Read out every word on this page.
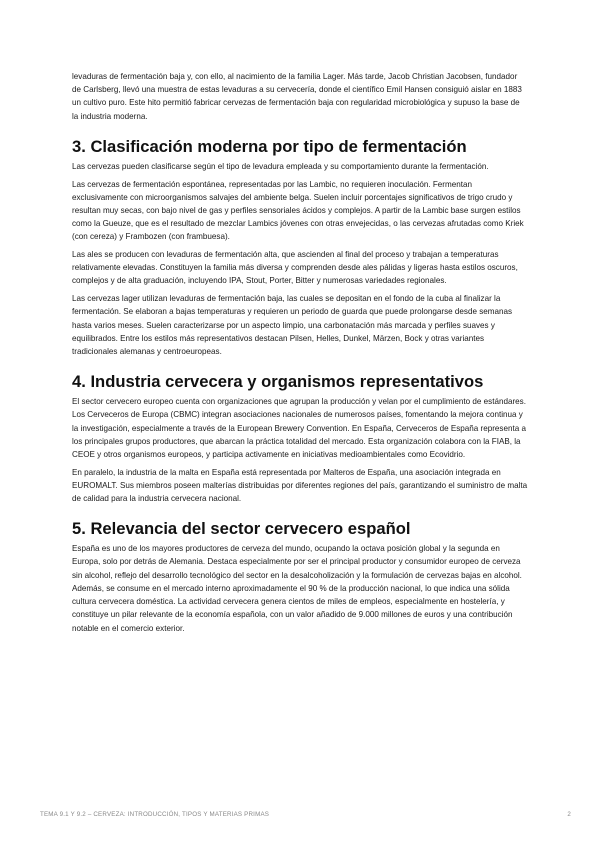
levaduras de fermentación baja y, con ello, al nacimiento de la familia Lager. Más tarde, Jacob Christian Jacobsen, fundador de Carlsberg, llevó una muestra de estas levaduras a su cervecería, donde el científico Emil Hansen consiguió aislar en 1883 un cultivo puro. Este hito permitió fabricar cervezas de fermentación baja con regularidad microbiológica y supuso la base de la industria moderna.

3. Clasificación moderna por tipo de fermentación

Las cervezas pueden clasificarse según el tipo de levadura empleada y su comportamiento durante la fermentación.

Las cervezas de fermentación espontánea, representadas por las Lambic, no requieren inoculación. Fermentan exclusivamente con microorganismos salvajes del ambiente belga. Suelen incluir porcentajes significativos de trigo crudo y resultan muy secas, con bajo nivel de gas y perfiles sensoriales ácidos y complejos. A partir de la Lambic base surgen estilos como la Gueuze, que es el resultado de mezclar Lambics jóvenes con otras envejecidas, o las cervezas afrutadas como Kriek (con cereza) y Frambozen (con frambuesa).

Las ales se producen con levaduras de fermentación alta, que ascienden al final del proceso y trabajan a temperaturas relativamente elevadas. Constituyen la familia más diversa y comprenden desde ales pálidas y ligeras hasta estilos oscuros, complejos y de alta graduación, incluyendo IPA, Stout, Porter, Bitter y numerosas variedades regionales.

Las cervezas lager utilizan levaduras de fermentación baja, las cuales se depositan en el fondo de la cuba al finalizar la fermentación. Se elaboran a bajas temperaturas y requieren un periodo de guarda que puede prolongarse desde semanas hasta varios meses. Suelen caracterizarse por un aspecto limpio, una carbonatación más marcada y perfiles suaves y equilibrados. Entre los estilos más representativos destacan Pilsen, Helles, Dunkel, Märzen, Bock y otras variantes tradicionales alemanas y centroeuropeas.

4. Industria cervecera y organismos representativos

El sector cervecero europeo cuenta con organizaciones que agrupan la producción y velan por el cumplimiento de estándares. Los Cerveceros de Europa (CBMC) integran asociaciones nacionales de numerosos países, fomentando la mejora continua y la investigación, especialmente a través de la European Brewery Convention. En España, Cerveceros de España representa a los principales grupos productores, que abarcan la práctica totalidad del mercado. Esta organización colabora con la FIAB, la CEOE y otros organismos europeos, y participa activamente en iniciativas medioambientales como Ecovidrio.

En paralelo, la industria de la malta en España está representada por Malteros de España, una asociación integrada en EUROMALT. Sus miembros poseen malterías distribuidas por diferentes regiones del país, garantizando el suministro de malta de calidad para la industria cervecera nacional.

5. Relevancia del sector cervecero español

España es uno de los mayores productores de cerveza del mundo, ocupando la octava posición global y la segunda en Europa, solo por detrás de Alemania. Destaca especialmente por ser el principal productor y consumidor europeo de cerveza sin alcohol, reflejo del desarrollo tecnológico del sector en la desalcoholización y la formulación de cervezas bajas en alcohol. Además, se consume en el mercado interno aproximadamente el 90 % de la producción nacional, lo que indica una sólida cultura cervecera doméstica. La actividad cervecera genera cientos de miles de empleos, especialmente en hostelería, y constituye un pilar relevante de la economía española, con un valor añadido de 9.000 millones de euros y una contribución notable en el comercio exterior.

TEMA 9.1 Y 9.2 – CERVEZA: INTRODUCCIÓN, TIPOS Y MATERIAS PRIMAS	2
